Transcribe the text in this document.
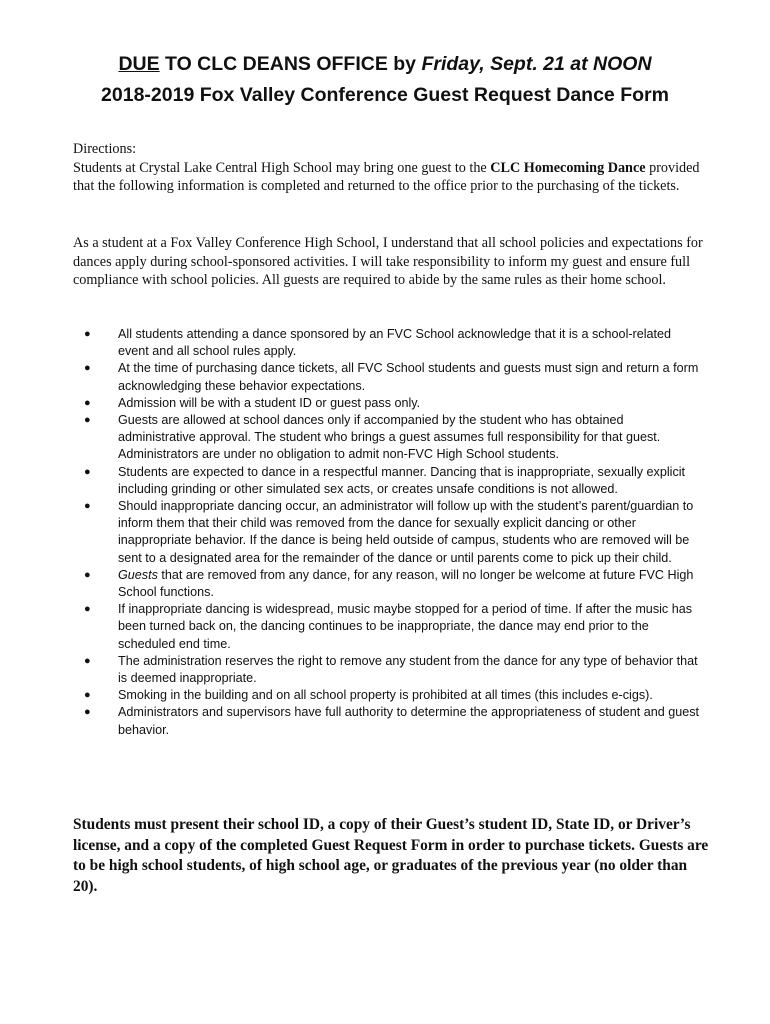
DUE TO CLC DEANS OFFICE by Friday, Sept. 21 at NOON
2018-2019 Fox Valley Conference Guest Request Dance Form

Directions:

Students at Crystal Lake Central High School may bring one guest to the CLC Homecoming Dance provided that the following information is completed and returned to the office prior to the purchasing of the tickets.

As a student at a Fox Valley Conference High School, I understand that all school policies and expectations for dances apply during school-sponsored activities. I will take responsibility to inform my guest and ensure full compliance with school policies. All guests are required to abide by the same rules as their home school.
● All students attending a dance sponsored by an FVC School acknowledge that it is a school-related event and all school rules apply.
● At the time of purchasing dance tickets, all FVC School students and guests must sign and return a form acknowledging these behavior expectations.
● Admission will be with a student ID or guest pass only.
● Guests are allowed at school dances only if accompanied by the student who has obtained administrative approval. The student who brings a guest assumes full responsibility for that guest. Administrators are under no obligation to admit non-FVC High School students.
● Students are expected to dance in a respectful manner. Dancing that is inappropriate, sexually explicit including grinding or other simulated sex acts, or creates unsafe conditions is not allowed.
● Should inappropriate dancing occur, an administrator will follow up with the student’s parent/guardian to inform them that their child was removed from the dance for sexually explicit dancing or other inappropriate behavior. If the dance is being held outside of campus, students who are removed will be sent to a designated area for the remainder of the dance or until parents come to pick up their child.
● Guests that are removed from any dance, for any reason, will no longer be welcome at future FVC High School functions.
● If inappropriate dancing is widespread, music maybe stopped for a period of time. If after the music has been turned back on, the dancing continues to be inappropriate, the dance may end prior to the scheduled end time.
● The administration reserves the right to remove any student from the dance for any type of behavior that is deemed inappropriate.
● Smoking in the building and on all school property is prohibited at all times (this includes e-cigs).
● Administrators and supervisors have full authority to determine the appropriateness of student and guest behavior.
Students must present their school ID, a copy of their Guest’s student ID, State ID, or Driver’s license, and a copy of the completed Guest Request Form in order to purchase tickets. Guests are to be high school students, of high school age, or graduates of the previous year (no older than 20).
